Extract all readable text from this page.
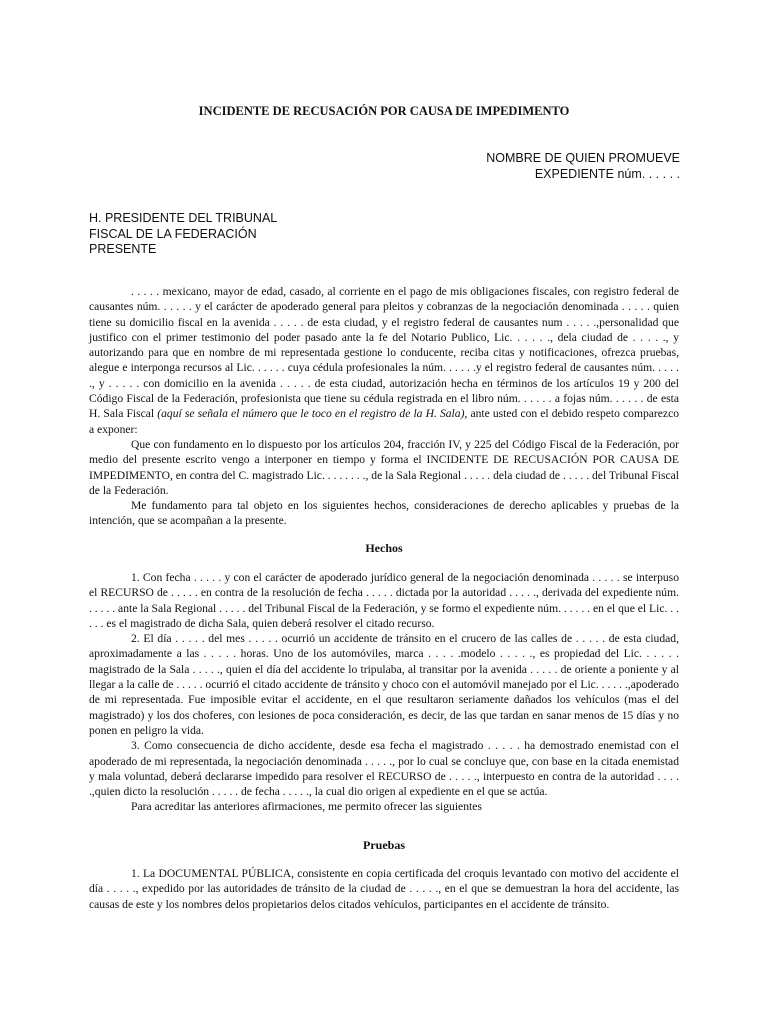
INCIDENTE DE RECUSACIÓN POR CAUSA DE IMPEDIMENTO
NOMBRE DE QUIEN PROMUEVE
EXPEDIENTE núm. . . . . .
H. PRESIDENTE DEL TRIBUNAL
FISCAL DE LA FEDERACIÓN
PRESENTE

. . . . . mexicano, mayor de edad, casado, al corriente en el pago de mis obligaciones fiscales, con registro federal de causantes núm. . . . . . y el carácter de apoderado general para pleitos y cobranzas de la negociación denominada . . . . . quien tiene su domicilio fiscal en la avenida . . . . . de esta ciudad, y el registro federal de causantes num . . . . .,personalidad que justifico con el primer testimonio del poder pasado ante la fe del Notario Publico, Lic. . . . . ., dela ciudad de . . . . ., y autorizando para que en nombre de mi representada gestione lo conducente, reciba citas y notificaciones, ofrezca pruebas, alegue e interponga recursos al Lic. . . . . . cuya cédula profesionales la núm. . . . . .y el registro federal de causantes núm. . . . . ., y . . . . . con domicilio en la avenida . . . . . de esta ciudad, autorización hecha en términos de los artículos 19 y 200 del Código Fiscal de la Federación, profesionista que tiene su cédula registrada en el libro núm. . . . . . a fojas núm. . . . . . de esta H. Sala Fiscal (aquí se señala el número que le toco en el registro de la H. Sala), ante usted con el debido respeto comparezco a exponer:

Que con fundamento en lo dispuesto por los artículos 204, fracción IV, y 225 del Código Fiscal de la Federación, por medio del presente escrito vengo a interponer en tiempo y forma el INCIDENTE DE RECUSACIÓN POR CAUSA DE IMPEDIMENTO, en contra del C. magistrado Lic. . . . . . . ., de la Sala Regional . . . . . dela ciudad de . . . . . del Tribunal Fiscal de la Federación.

Me fundamento para tal objeto en los siguientes hechos, consideraciones de derecho aplicables y pruebas de la intención, que se acompañan a la presente.

Hechos

1. Con fecha . . . . . y con el carácter de apoderado jurídico general de la negociación denominada . . . . . se interpuso el RECURSO de . . . . . en contra de la resolución de fecha . . . . . dictada por la autoridad . . . . ., derivada del expediente núm. . . . . . ante la Sala Regional . . . . . del Tribunal Fiscal de la Federación, y se formo el expediente núm. . . . . . en el que el Lic. . . . . . es el magistrado de dicha Sala, quien deberá resolver el citado recurso.

2. El día . . . . . del mes . . . . . ocurrió un accidente de tránsito en el crucero de las calles de . . . . . de esta ciudad, aproximadamente a las . . . . . horas. Uno de los automóviles, marca . . . . .modelo . . . . ., es propiedad del Lic. . . . . . magistrado de la Sala . . . . ., quien el día del accidente lo tripulaba, al transitar por la avenida . . . . . de oriente a poniente y al llegar a la calle de . . . . . ocurrió el citado accidente de tránsito y choco con el automóvil manejado por el Lic. . . . . .,apoderado de mi representada. Fue imposible evitar el accidente, en el que resultaron seriamente dañados los vehículos (mas el del magistrado) y los dos choferes, con lesiones de poca consideración, es decir, de las que tardan en sanar menos de 15 días y no ponen en peligro la vida.

3. Como consecuencia de dicho accidente, desde esa fecha el magistrado . . . . . ha demostrado enemistad con el apoderado de mi representada, la negociación denominada . . . . ., por lo cual se concluye que, con base en la citada enemistad y mala voluntad, deberá declararse impedido para resolver el RECURSO de . . . . ., interpuesto en contra de la autoridad . . . . .,quien dicto la resolución . . . . . de fecha . . . . ., la cual dio origen al expediente en el que se actúa.

Para acreditar las anteriores afirmaciones, me permito ofrecer las siguientes

Pruebas

1. La DOCUMENTAL PÚBLICA, consistente en copia certificada del croquis levantado con motivo del accidente el día . . . . ., expedido por las autoridades de tránsito de la ciudad de . . . . ., en el que se demuestran la hora del accidente, las causas de este y los nombres delos propietarios delos citados vehículos, participantes en el accidente de tránsito.
